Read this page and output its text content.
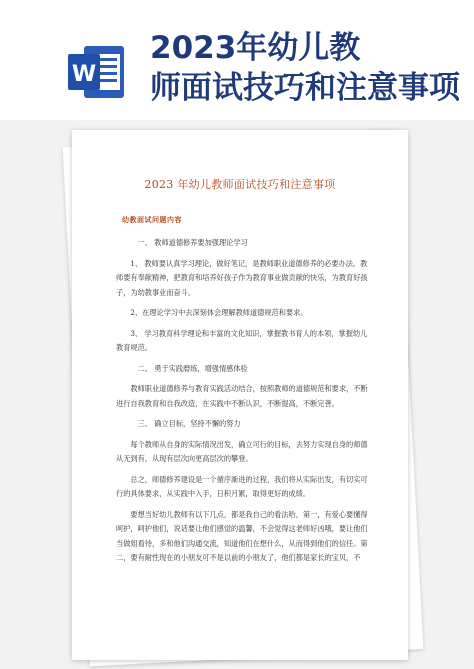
W
2023年幼儿教
师面试技巧和注意事项
2023 年幼儿教师面试技巧和注意事项
幼教面试问题内容

一、 教师道德修养要加强理论学习

1、 教师要认真学习理论，做好笔记，是教师职业道德修养的必要办法。教师要有奉献精神，把教育和培养好孩子作为教育事业做贡献的快乐，为教育好孩子，为幼教事业而奋斗。

2、在理论学习中去深刻体会理解教师道德规范和要求。

3、 学习教育科学理论和丰富的文化知识，掌握教书育人的本领，掌握幼儿教育规范。

二、 勇于实践磨练，增强情感体验

教师职业道德修养与教育实践活动结合，按照教师的道德规范和要求，不断进行自我教育和自我改造，在实践中不断认识，不断提高，不断完善。

三、 确立目标，坚持不懈的努力

每个教师从自身的实际情况出发，确立可行的目标，去努力实现自身的师德从无到有，从现有层次向更高层次的攀登。

总之，师德修养建设是一个循序渐进的过程，我们将从实际出发，有切实可行的具体要求，从实践中入手，日积月累，取得更好的成绩。

要想当好幼儿教师有以下几点，都是我自己的看法哈，第一，有爱心要懂得呵护，呵护他们，说话要让他们感觉的温馨，不会觉得这老师好凶哦，要让他们当做姐看待，多和他们沟通交流，知道他们在想什么，从而得到他们的信任。第二，要有耐性现在的小朋友可不是以前的小朋友了，他们都是家长的宝贝，不
